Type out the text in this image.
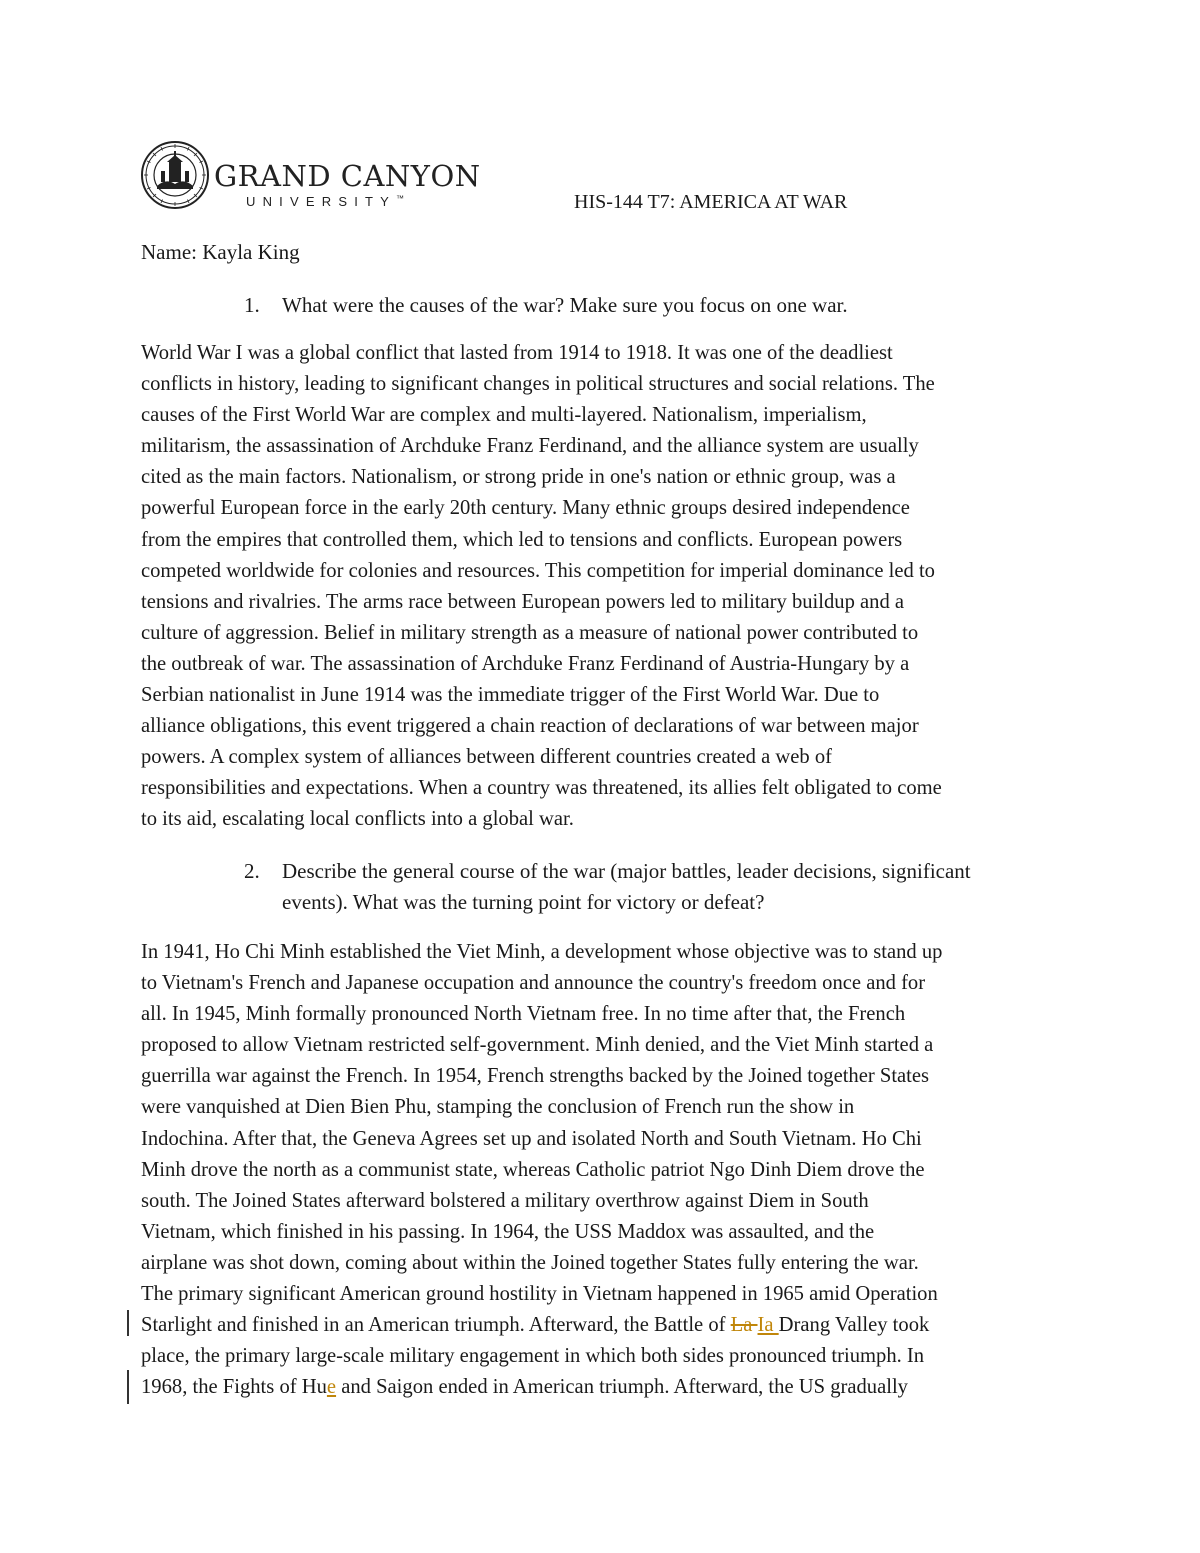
GRAND CANYON
UNIVERSITY™	HIS-144 T7: AMERICA AT WAR
Name: Kayla King
1. What were the causes of the war? Make sure you focus on one war.
World War I was a global conflict that lasted from 1914 to 1918. It was one of the deadliest
conflicts in history, leading to significant changes in political structures and social relations. The
causes of the First World War are complex and multi-layered. Nationalism, imperialism,
militarism, the assassination of Archduke Franz Ferdinand, and the alliance system are usually
cited as the main factors. Nationalism, or strong pride in one's nation or ethnic group, was a
powerful European force in the early 20th century. Many ethnic groups desired independence
from the empires that controlled them, which led to tensions and conflicts. European powers
competed worldwide for colonies and resources. This competition for imperial dominance led to
tensions and rivalries. The arms race between European powers led to military buildup and a
culture of aggression. Belief in military strength as a measure of national power contributed to
the outbreak of war. The assassination of Archduke Franz Ferdinand of Austria-Hungary by a
Serbian nationalist in June 1914 was the immediate trigger of the First World War. Due to
alliance obligations, this event triggered a chain reaction of declarations of war between major
powers. A complex system of alliances between different countries created a web of
responsibilities and expectations. When a country was threatened, its allies felt obligated to come
to its aid, escalating local conflicts into a global war.
2. Describe the general course of the war (major battles, leader decisions, significant
events). What was the turning point for victory or defeat?
In 1941, Ho Chi Minh established the Viet Minh, a development whose objective was to stand up
to Vietnam's French and Japanese occupation and announce the country's freedom once and for
all. In 1945, Minh formally pronounced North Vietnam free. In no time after that, the French
proposed to allow Vietnam restricted self-government. Minh denied, and the Viet Minh started a
guerrilla war against the French. In 1954, French strengths backed by the Joined together States
were vanquished at Dien Bien Phu, stamping the conclusion of French run the show in
Indochina. After that, the Geneva Agrees set up and isolated North and South Vietnam. Ho Chi
Minh drove the north as a communist state, whereas Catholic patriot Ngo Dinh Diem drove the
south. The Joined States afterward bolstered a military overthrow against Diem in South
Vietnam, which finished in his passing. In 1964, the USS Maddox was assaulted, and the
airplane was shot down, coming about within the Joined together States fully entering the war.
The primary significant American ground hostility in Vietnam happened in 1965 amid Operation
Starlight and finished in an American triumph. Afterward, the Battle of La Ia Drang Valley took
place, the primary large-scale military engagement in which both sides pronounced triumph. In
1968, the Fights of Hue and Saigon ended in American triumph. Afterward, the US gradually
